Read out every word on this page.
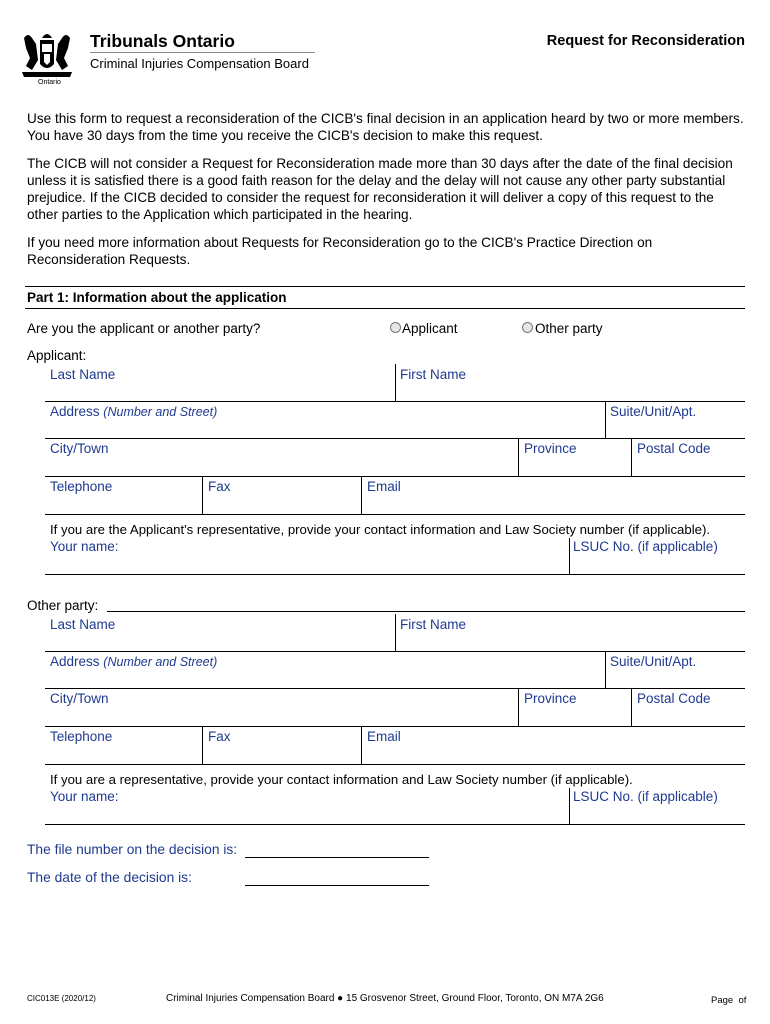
Ontario
Tribunals Ontario
Criminal Injuries Compensation Board
Request for Reconsideration

Use this form to request a reconsideration of the CICB's final decision in an application heard by two or more members. You have 30 days from the time you receive the CICB's decision to make this request.

The CICB will not consider a Request for Reconsideration made more than 30 days after the date of the final decision unless it is satisfied there is a good faith reason for the delay and the delay will not cause any other party substantial prejudice. If the CICB decided to consider the request for reconsideration it will deliver a copy of this request to the other parties to the Application which participated in the hearing.

If you need more information about Requests for Reconsideration go to the CICB's Practice Direction on Reconsideration Requests.

Part 1: Information about the application
Are you the applicant or another party?	Applicant	Other party
Applicant:
Last Name	First Name
Address (Number and Street)	Suite/Unit/Apt.
City/Town	Province	Postal Code
Telephone	Fax	Email
If you are the Applicant's representative, provide your contact information and Law Society number (if applicable).
Your name:	LSUC No. (if applicable)
Other party:
Last Name	First Name
Address (Number and Street)	Suite/Unit/Apt.
City/Town	Province	Postal Code
Telephone	Fax	Email
If you are a representative, provide your contact information and Law Society number (if applicable).
Your name:	LSUC No. (if applicable)
The file number on the decision is:
The date of the decision is:
CIC013E (2020/12)	Criminal Injuries Compensation Board ● 15 Grosvenor Street, Ground Floor, Toronto, ON M7A 2G6	Page  of
